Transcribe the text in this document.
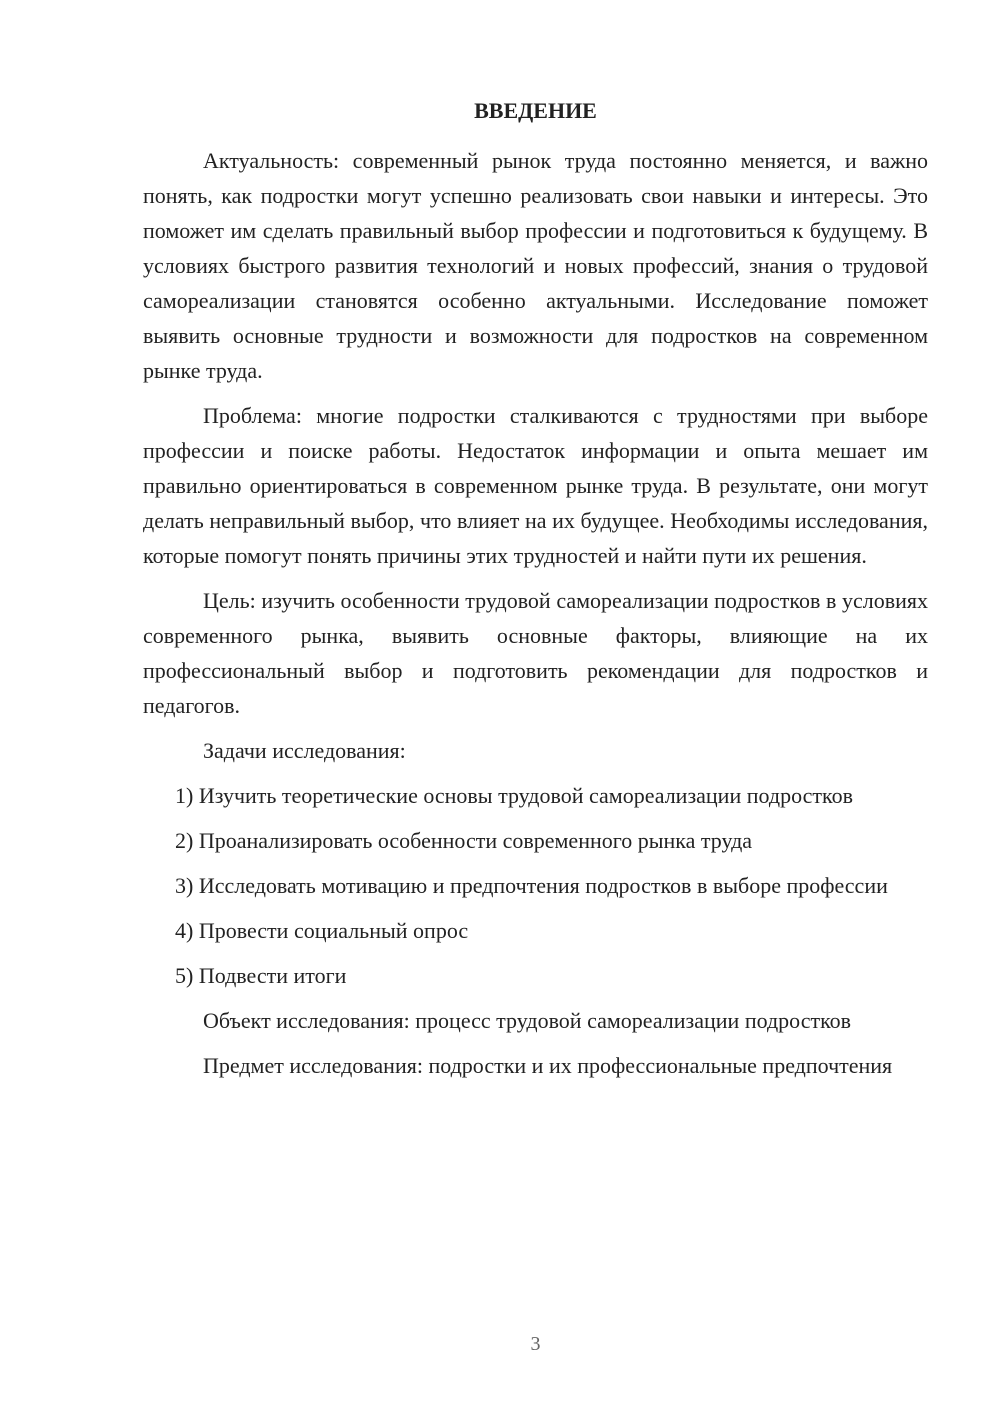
ВВЕДЕНИЕ

Актуальность: современный рынок труда постоянно меняется, и важно понять, как подростки могут успешно реализовать свои навыки и интересы. Это поможет им сделать правильный выбор профессии и подготовиться к будущему. В условиях быстрого развития технологий и новых профессий, знания о трудовой самореализации становятся особенно актуальными. Исследование поможет выявить основные трудности и возможности для подростков на современном рынке труда.

Проблема: многие подростки сталкиваются с трудностями при выборе профессии и поиске работы. Недостаток информации и опыта мешает им правильно ориентироваться в современном рынке труда. В результате, они могут делать неправильный выбор, что влияет на их будущее. Необходимы исследования, которые помогут понять причины этих трудностей и найти пути их решения.

Цель: изучить особенности трудовой самореализации подростков в условиях современного рынка, выявить основные факторы, влияющие на их профессиональный выбор и подготовить рекомендации для подростков и педагогов.

Задачи исследования:

1) Изучить теоретические основы трудовой самореализации подростков

2) Проанализировать особенности современного рынка труда

3) Исследовать мотивацию и предпочтения подростков в выборе профессии

4) Провести социальный опрос

5) Подвести итоги

Объект исследования: процесс трудовой самореализации подростков

Предмет исследования: подростки и их профессиональные предпочтения

3
